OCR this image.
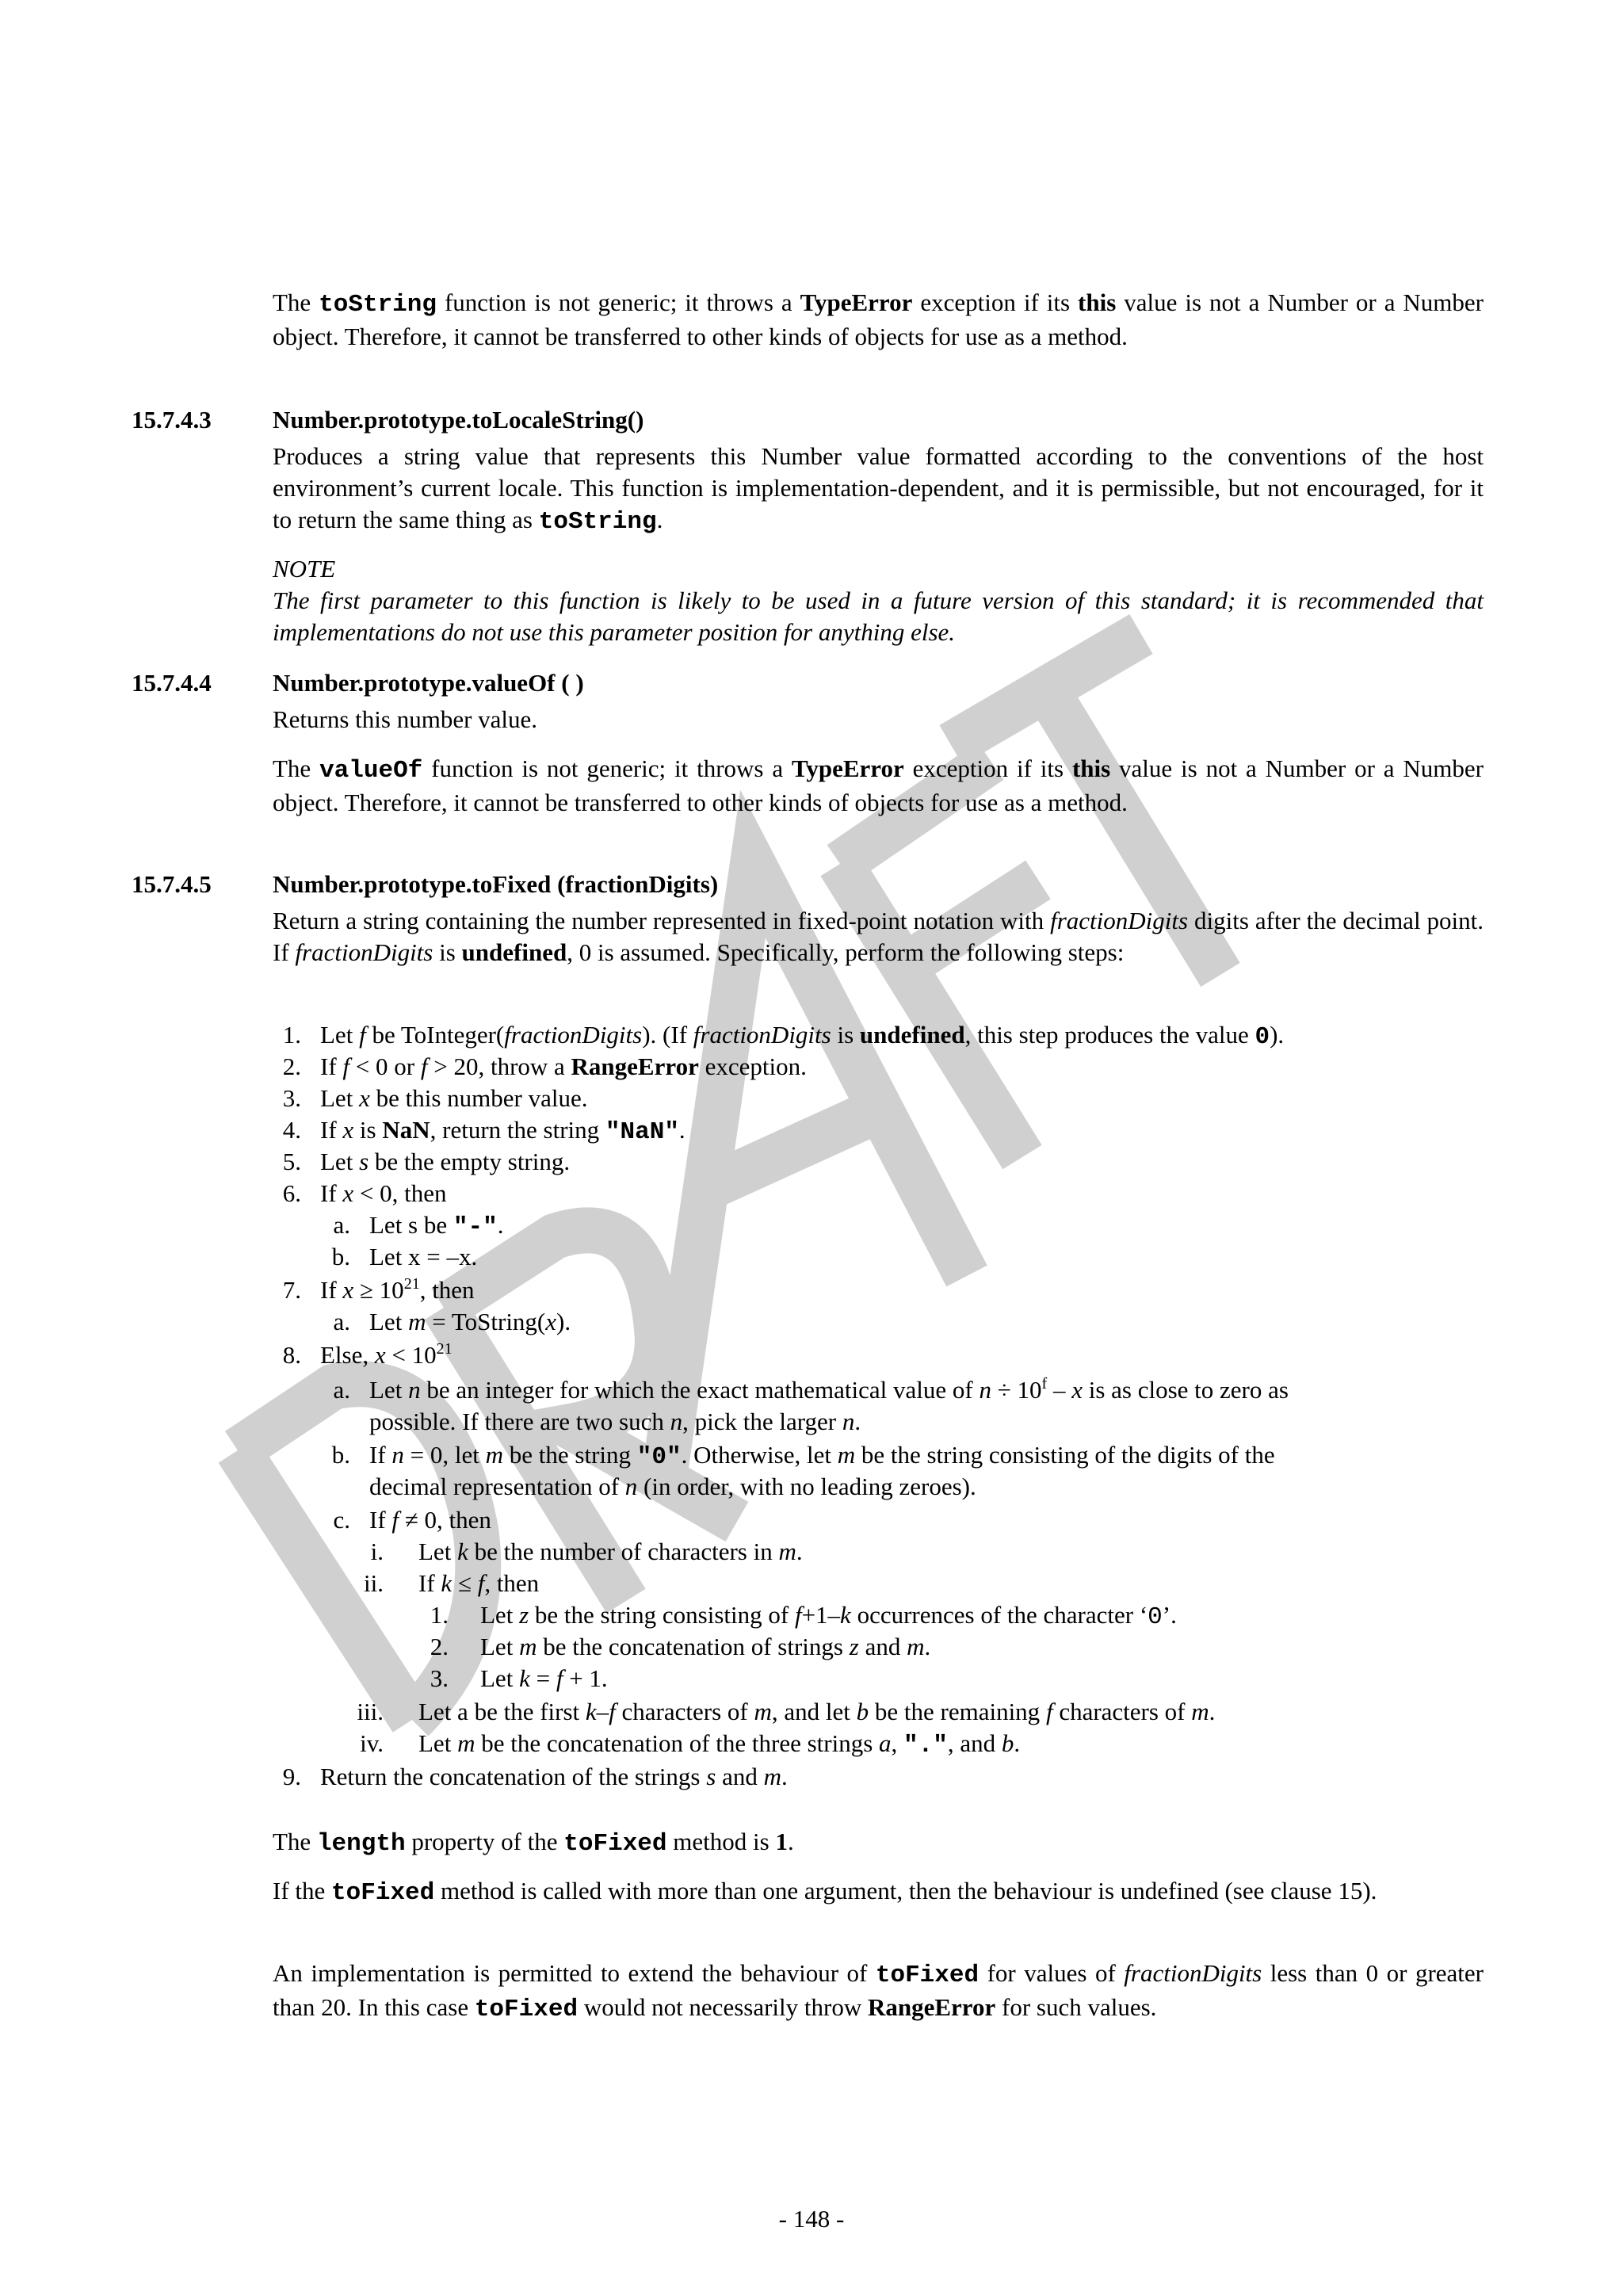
The toString function is not generic; it throws a TypeError exception if its this value is not a Number or a Number object. Therefore, it cannot be transferred to other kinds of objects for use as a method.
15.7.4.3 Number.prototype.toLocaleString()
Produces a string value that represents this Number value formatted according to the conventions of the host environment’s current locale. This function is implementation-dependent, and it is permissible, but not encouraged, for it to return the same thing as toString.
NOTE
The first parameter to this function is likely to be used in a future version of this standard; it is recommended that implementations do not use this parameter position for anything else.
15.7.4.4 Number.prototype.valueOf ( )
Returns this number value.
The valueOf function is not generic; it throws a TypeError exception if its this value is not a Number or a Number object. Therefore, it cannot be transferred to other kinds of objects for use as a method.
15.7.4.5 Number.prototype.toFixed (fractionDigits)
Return a string containing the number represented in fixed-point notation with fractionDigits digits after the decimal point. If fractionDigits is undefined, 0 is assumed. Specifically, perform the following steps:
1. Let f be ToInteger(fractionDigits). (If fractionDigits is undefined, this step produces the value 0).
2. If f < 0 or f > 20, throw a RangeError exception.
3. Let x be this number value.
4. If x is NaN, return the string "NaN".
5. Let s be the empty string.
6. If x < 0, then
a. Let s be "-".
b. Let x = –x.
7. If $x \ge 10^{21}$, then
a. Let m = ToString(x).
8. Else, $x < 10^{21}$
a. Let n be an integer for which the exact mathematical value of $n \div 10^f - x$ is as close to zero as
possible. If there are two such n, pick the larger n.
b. If n = 0, let m be the string "0". Otherwise, let m be the string consisting of the digits of the
decimal representation of n (in order, with no leading zeroes).
c. If f ≠ 0, then
i. Let k be the number of characters in m.
ii. If k ≤ f, then
1. Let z be the string consisting of f+1–k occurrences of the character ‘0’.
2. Let m be the concatenation of strings z and m.
3. Let k = f + 1.
iii. Let a be the first k–f characters of m, and let b be the remaining f characters of m.
iv. Let m be the concatenation of the three strings a, ".", and b.
9. Return the concatenation of the strings s and m.
The length property of the toFixed method is 1.
If the toFixed method is called with more than one argument, then the behaviour is undefined (see clause 15).
An implementation is permitted to extend the behaviour of toFixed for values of fractionDigits less than 0 or greater than 20. In this case toFixed would not necessarily throw RangeError for such values.
- 148 -
